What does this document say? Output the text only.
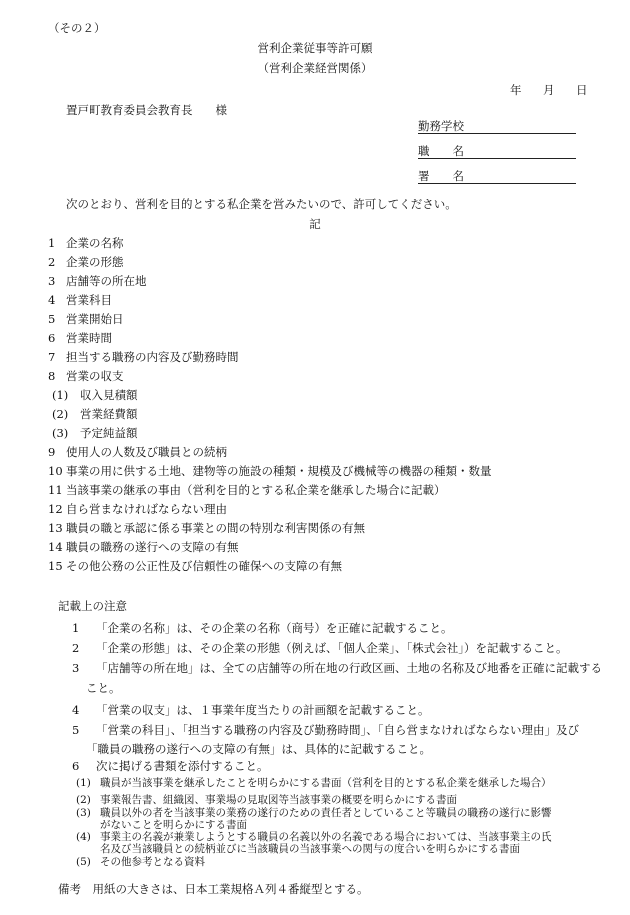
（その２）
営利企業従事等許可願
（営利企業経営関係）
年 月 日
置戸町教育委員会教育長　　様
勤務学校
職　　名
署　　名
次のとおり、営利を目的とする私企業を営みたいので、許可してください。
記
1 企業の名称
2 企業の形態
3 店舗等の所在地
4 営業科目
5 営業開始日
6 営業時間
7 担当する職務の内容及び勤務時間
8 営業の収支
(1) 収入見積額
(2) 営業経費額
(3) 予定純益額
9 使用人の人数及び職員との続柄
10 事業の用に供する土地、建物等の施設の種類・規模及び機械等の機器の種類・数量
11 当該事業の継承の事由（営利を目的とする私企業を継承した場合に記載）
12 自ら営まなければならない理由
13 職員の職と承認に係る事業との間の特別な利害関係の有無
14 職員の職務の遂行への支障の有無
15 その他公務の公正性及び信頼性の確保への支障の有無
記載上の注意
1 「企業の名称」は、その企業の名称（商号）を正確に記載すること。
2 「企業の形態」は、その企業の形態（例えば、「個人企業」、「株式会社」）を記載すること。
3 「店舗等の所在地」は、全ての店舗等の所在地の行政区画、土地の名称及び地番を正確に記載する
こと。
4 「営業の収支」は、１事業年度当たりの計画額を記載すること。
5 「営業の科目」、「担当する職務の内容及び勤務時間」、「自ら営まなければならない理由」及び
「職員の職務の遂行への支障の有無」は、具体的に記載すること。
6 次に掲げる書類を添付すること。
(1) 職員が当該事業を継承したことを明らかにする書面（営利を目的とする私企業を継承した場合）
(2) 事業報告書、組織図、事業場の見取図等当該事業の概要を明らかにする書面
(3) 職員以外の者を当該事業の業務の遂行のための責任者としていること等職員の職務の遂行に影響
がないことを明らかにする書面
(4) 事業主の名義が兼業しようとする職員の名義以外の名義である場合においては、当該事業主の氏
名及び当該職員との続柄並びに当該職員の当該事業への関与の度合いを明らかにする書面
(5) その他参考となる資料
備考　用紙の大きさは、日本工業規格Ａ列４番縦型とする。
